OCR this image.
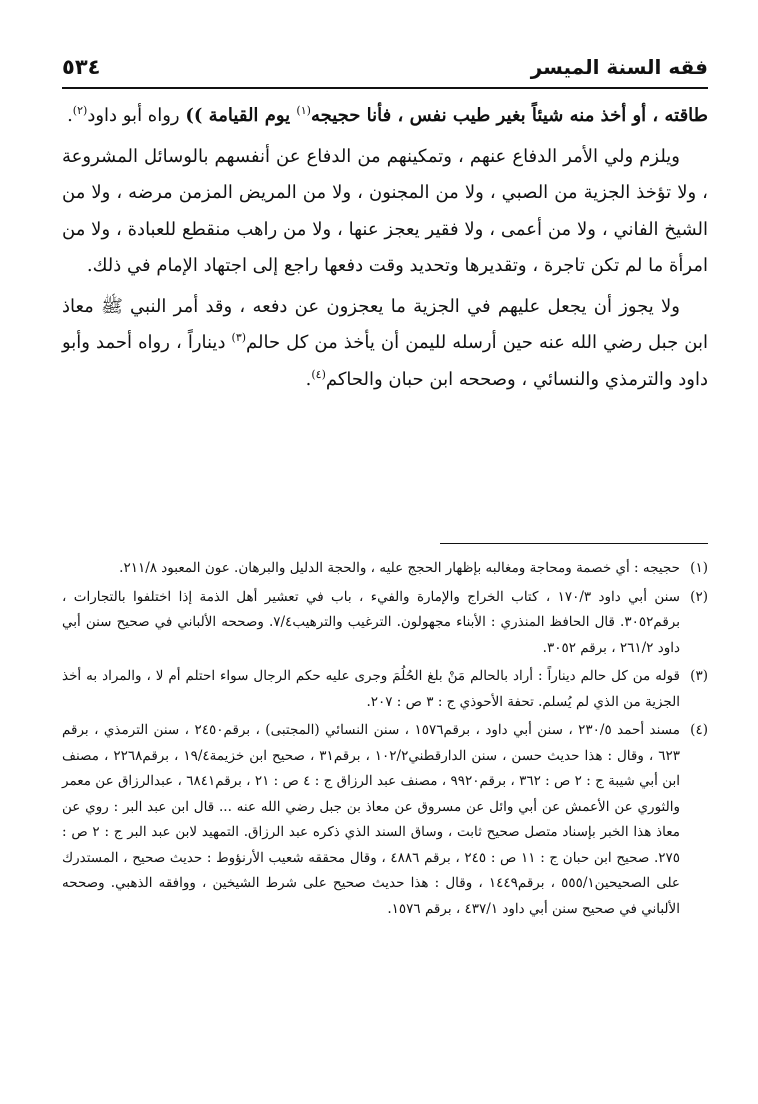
فقه السنة الميسر
٥٣٤

طاقته ، أو أخذ منه شيئاً بغير طيب نفس ، فأنا حجيجه$^{(١)}$ يوم القيامة )) رواه أبو داود$^{(٢)}$.

ويلزم ولي الأمر الدفاع عنهم ، وتمكينهم من الدفاع عن أنفسهم بالوسائل المشروعة ، ولا تؤخذ الجزية من الصبي ، ولا من المجنون ، ولا من المريض المزمن مرضه ، ولا من الشيخ الفاني ، ولا من أعمى ، ولا فقير يعجز عنها ، ولا من راهب منقطع للعبادة ، ولا من امرأة ما لم تكن تاجرة ، وتقديرها وتحديد وقت دفعها راجع إلى اجتهاد الإمام في ذلك.

ولا يجوز أن يجعل عليهم في الجزية ما يعجزون عن دفعه ، وقد أمر النبي ﷺ معاذ ابن جبل رضي الله عنه حين أرسله لليمن أن يأخذ من كل حالم$^{(٣)}$ ديناراً ، رواه أحمد وأبو داود والترمذي والنسائي ، وصححه ابن حبان والحاكم$^{(٤)}$.

(١)
حجيجه : أي خصمة ومحاجة ومغالبه بإظهار الحجج عليه ، والحجة الدليل والبرهان. عون المعبود ٢١١/٨.
(٢)
سنن أبي داود ١٧٠/٣ ، كتاب الخراج والإمارة والفيء ، باب في تعشير أهل الذمة إذا اختلفوا بالتجارات ، برقم٣٠٥٢. قال الحافظ المنذري : الأبناء مجهولون. الترغيب والترهيب٧/٤. وصححه الألباني في صحيح سنن أبي داود ٢٦١/٢ ، برقم ٣٠٥٢.
(٣)
قوله من كل حالم ديناراً : أراد بالحالم مَنْ بلغ الحُلُمَ وجرى عليه حكم الرجال سواء احتلم أم لا ، والمراد به أخذ الجزية من الذي لم يُسلم. تحفة الأحوذي ج : ٣ ص : ٢٠٧.
(٤)
مسند أحمد ٢٣٠/٥ ، سنن أبي داود ، برقم١٥٧٦ ، سنن النسائي (المجتبى) ، برقم٢٤٥٠ ، سنن الترمذي ، برقم ٦٢٣ ، وقال : هذا حديث حسن ، سنن الدارقطني١٠٢/٢ ، برقم٣١ ، صحيح ابن خزيمة١٩/٤ ، برقم٢٢٦٨ ، مصنف ابن أبي شيبة ج : ٢ ص : ٣٦٢ ، برقم٩٩٢٠ ، مصنف عبد الرزاق ج : ٤ ص : ٢١ ، برقم٦٨٤١ ، عبدالرزاق عن معمر والثوري عن الأعمش عن أبي وائل عن مسروق عن معاذ بن جبل رضي الله عنه ... قال ابن عبد البر : روي عن معاذ هذا الخبر بإسناد متصل صحيح ثابت ، وساق السند الذي ذكره عبد الرزاق. التمهيد لابن عبد البر ج : ٢ ص : ٢٧٥. صحيح ابن حبان ج : ١١ ص : ٢٤٥ ، برقم ٤٨٨٦ ، وقال محققه شعيب الأرنؤوط : حديث صحيح ، المستدرك على الصحيحين٥٥٥/١ ، برقم١٤٤٩ ، وقال : هذا حديث صحيح على شرط الشيخين ، ووافقه الذهبي. وصححه الألباني في صحيح سنن أبي داود ٤٣٧/١ ، برقم ١٥٧٦.
